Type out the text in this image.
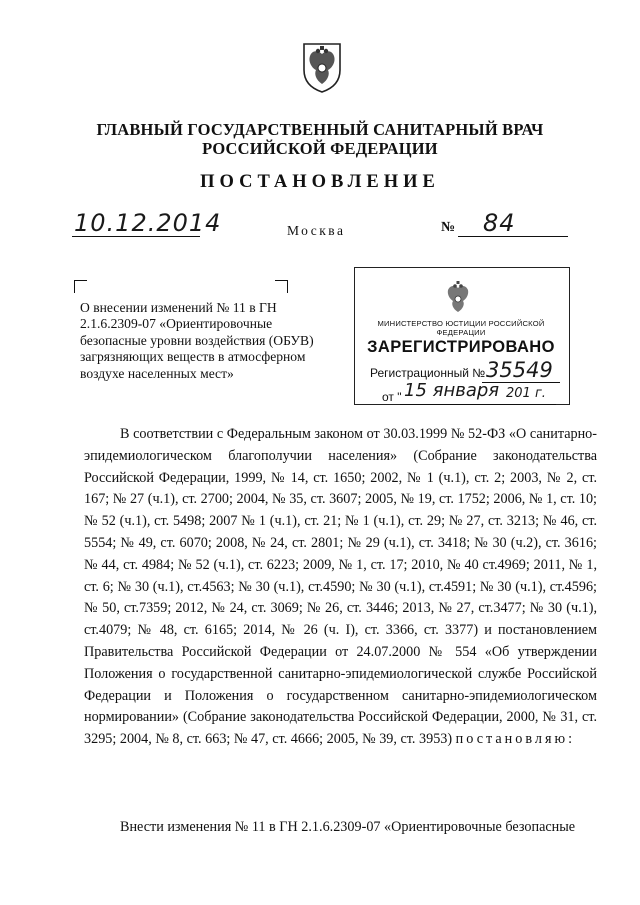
ГЛАВНЫЙ ГОСУДАРСТВЕННЫЙ САНИТАРНЫЙ ВРАЧ
РОССИЙСКОЙ ФЕДЕРАЦИИ
ПОСТАНОВЛЕНИЕ
10.12.2014	Москва	№ 84
О внесении изменений № 11 в ГН 2.1.6.2309-07 «Ориентировочные безопасные уровни воздействия (ОБУВ) загрязняющих веществ в атмосферном воздухе населенных мест»
МИНИСТЕРСТВО ЮСТИЦИИ РОССИЙСКОЙ ФЕДЕРАЦИИ
ЗАРЕГИСТРИРОВАНО
Регистрационный № 35549
от " 15 января 201 г.

В соответствии с Федеральным законом от 30.03.1999 № 52-ФЗ «О санитарно-эпидемиологическом благополучии населения» (Собрание законодательства Российской Федерации, 1999, № 14, ст. 1650; 2002, № 1 (ч.1), ст. 2; 2003, № 2, ст. 167; № 27 (ч.1), ст. 2700; 2004, № 35, ст. 3607; 2005, № 19, ст. 1752; 2006, № 1, ст. 10; № 52 (ч.1), ст. 5498; 2007 № 1 (ч.1), ст. 21; № 1 (ч.1), ст. 29; № 27, ст. 3213; № 46, ст. 5554; № 49, ст. 6070; 2008, № 24, ст. 2801; № 29 (ч.1), ст. 3418; № 30 (ч.2), ст. 3616; № 44, ст. 4984; № 52 (ч.1), ст. 6223; 2009, № 1, ст. 17; 2010, № 40 ст.4969; 2011, № 1, ст. 6; № 30 (ч.1), ст.4563; № 30 (ч.1), ст.4590; № 30 (ч.1), ст.4591; № 30 (ч.1), ст.4596; № 50, ст.7359; 2012, № 24, ст. 3069; № 26, ст. 3446; 2013, № 27, ст.3477; № 30 (ч.1), ст.4079; № 48, ст. 6165; 2014, № 26 (ч. I), ст. 3366, ст. 3377) и постановлением Правительства Российской Федерации от 24.07.2000 № 554 «Об утверждении Положения о государственной санитарно-эпидемиологической службе Российской Федерации и Положения о государственном санитарно-эпидемиологическом нормировании» (Собрание законодательства Российской Федерации, 2000, № 31, ст. 3295; 2004, № 8, ст. 663; № 47, ст. 4666; 2005, № 39, ст. 3953) постановляю:

Внести изменения № 11 в ГН 2.1.6.2309-07 «Ориентировочные безопасные
